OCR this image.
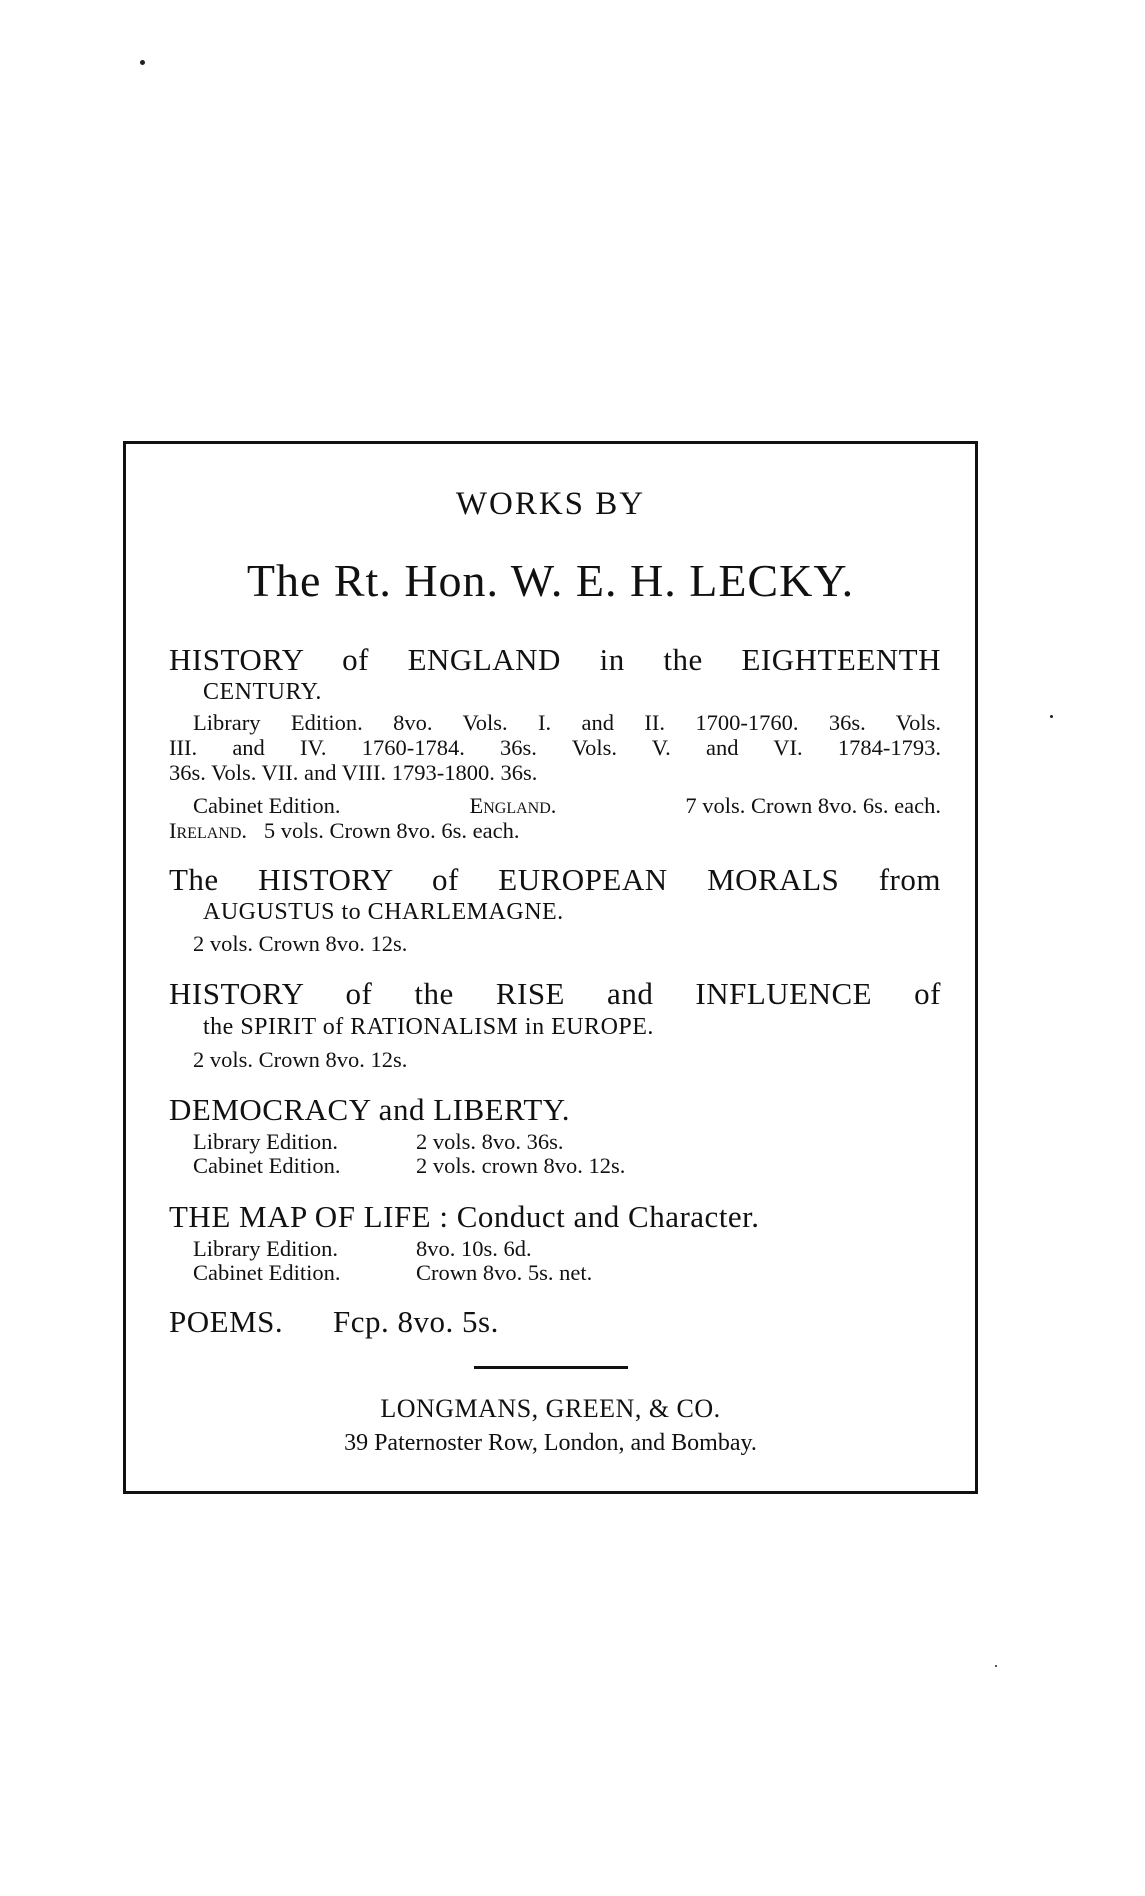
WORKS BY
The Rt. Hon. W. E. H. LECKY.
HISTORY of ENGLAND in the EIGHTEENTH
CENTURY.
Library Edition. 8vo. Vols. I. and II. 1700-1760. 36s. Vols.
III. and IV. 1760-1784. 36s. Vols. V. and VI. 1784-1793.
36s. Vols. VII. and VIII. 1793-1800. 36s.
Cabinet Edition.	England.	7 vols. Crown 8vo. 6s. each.
Ireland. 5 vols. Crown 8vo. 6s. each.
The HISTORY of EUROPEAN MORALS from
AUGUSTUS to CHARLEMAGNE.
2 vols. Crown 8vo. 12s.
HISTORY of the RISE and INFLUENCE of
the SPIRIT of RATIONALISM in EUROPE.
2 vols. Crown 8vo. 12s.
DEMOCRACY and LIBERTY.
Library Edition.	2 vols. 8vo. 36s.
Cabinet Edition.	2 vols. crown 8vo. 12s.
THE MAP OF LIFE : Conduct and Character.
Library Edition.	8vo. 10s. 6d.
Cabinet Edition.	Crown 8vo. 5s. net.
POEMS. Fcp. 8vo. 5s.
LONGMANS, GREEN, & CO.
39 Paternoster Row, London, and Bombay.
